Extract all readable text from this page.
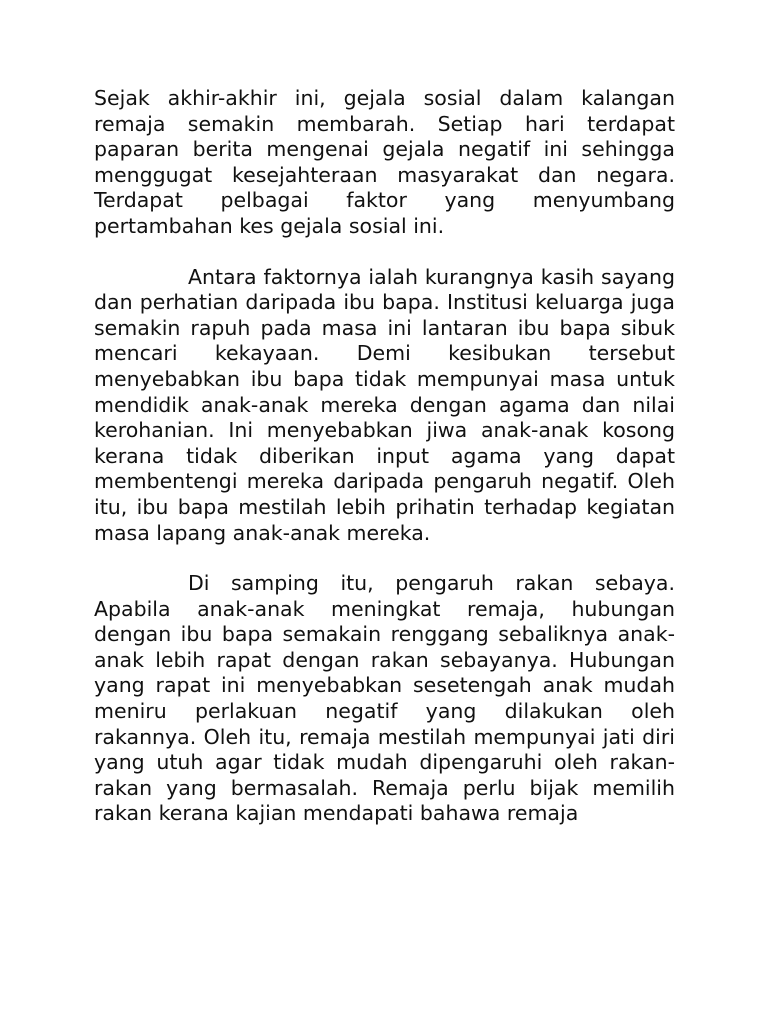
Sejak akhir-akhir ini, gejala sosial dalam kalangan remaja semakin membarah. Setiap hari terdapat paparan berita mengenai gejala negatif ini sehingga menggugat kesejahteraan masyarakat dan negara. Terdapat pelbagai faktor yang menyumbang pertambahan kes gejala sosial ini.

Antara faktornya ialah kurangnya kasih sayang dan perhatian daripada ibu bapa. Institusi keluarga juga semakin rapuh pada masa ini lantaran ibu bapa sibuk mencari kekayaan. Demi kesibukan tersebut menyebabkan ibu bapa tidak mempunyai masa untuk mendidik anak-anak mereka dengan agama dan nilai kerohanian. Ini menyebabkan jiwa anak-anak kosong kerana tidak diberikan input agama yang dapat membentengi mereka daripada pengaruh negatif. Oleh itu, ibu bapa mestilah lebih prihatin terhadap kegiatan masa lapang anak-anak mereka.

Di samping itu, pengaruh rakan sebaya. Apabila anak-anak meningkat remaja, hubungan dengan ibu bapa semakain renggang sebaliknya anak-anak lebih rapat dengan rakan sebayanya. Hubungan yang rapat ini menyebabkan sesetengah anak mudah meniru perlakuan negatif yang dilakukan oleh rakannya. Oleh itu, remaja mestilah mempunyai jati diri yang utuh agar tidak mudah dipengaruhi oleh rakan-rakan yang bermasalah. Remaja perlu bijak memilih rakan kerana kajian mendapati bahawa remaja
